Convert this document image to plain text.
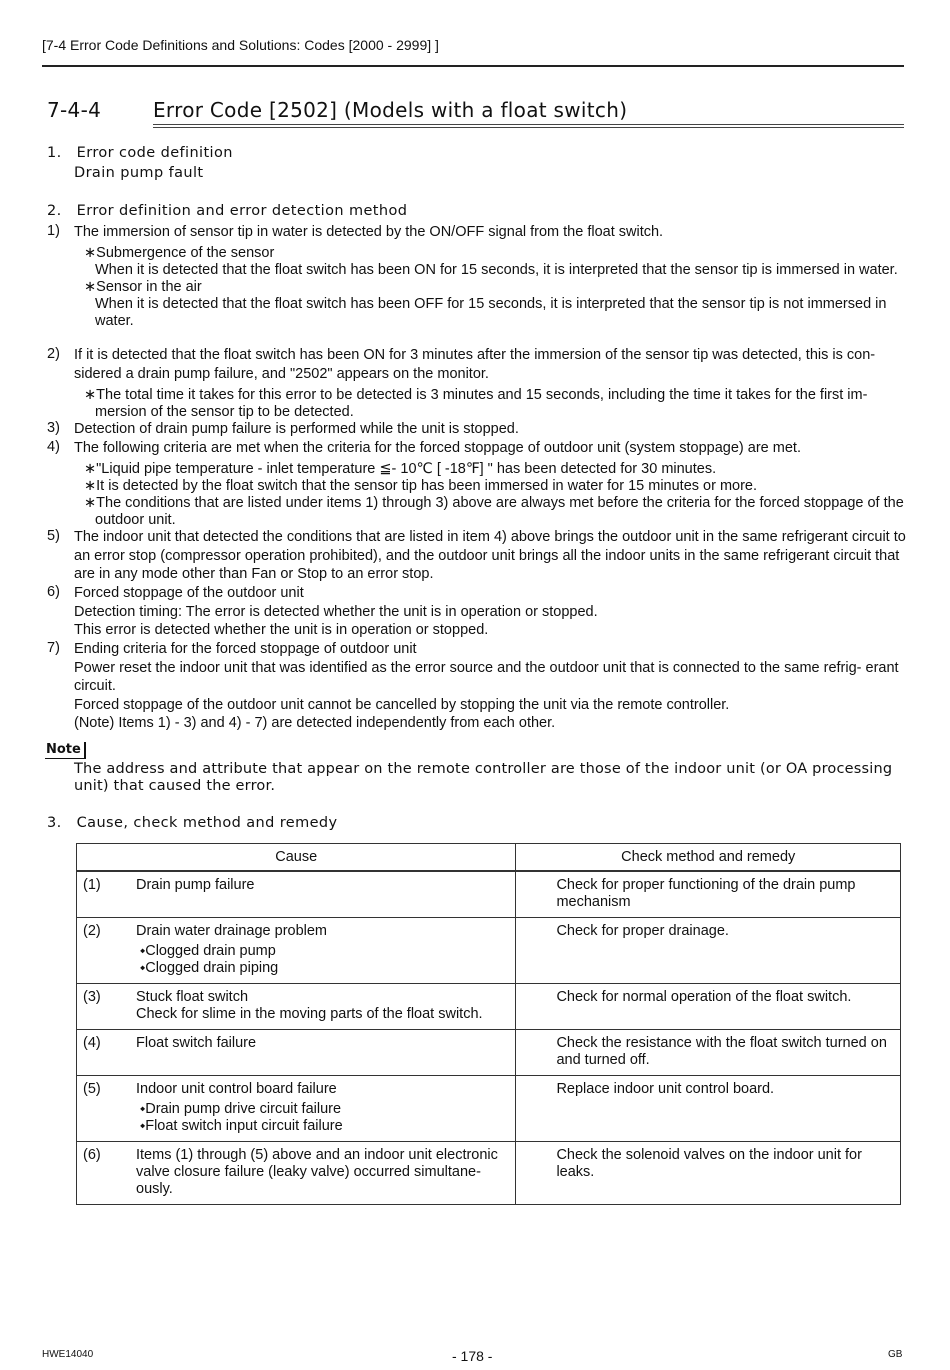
[7-4 Error Code Definitions and Solutions: Codes [2000 - 2999] ]
7-4-4	Error Code [2502] (Models with a float switch)
1.   Error code definition
Drain pump fault
2.   Error definition and error detection method
1) The immersion of sensor tip in water is detected by the ON/OFF signal from the float switch.
∗Submergence of the sensor
When it is detected that the float switch has been ON for 15 seconds, it is interpreted that the sensor tip is immersed in water.
∗Sensor in the air
When it is detected that the float switch has been OFF for 15 seconds, it is interpreted that the sensor tip is not immersed in water.
2) If it is detected that the float switch has been ON for 3 minutes after the immersion of the sensor tip was detected, this is con- sidered a drain pump failure, and "2502" appears on the monitor.
∗The total time it takes for this error to be detected is 3 minutes and 15 seconds, including the time it takes for the first im- mersion of the sensor tip to be detected.
3) Detection of drain pump failure is performed while the unit is stopped.
4) The following criteria are met when the criteria for the forced stoppage of outdoor unit (system stoppage) are met.
∗"Liquid pipe temperature - inlet temperature ≦- 10℃ [ -18℉] " has been detected for 30 minutes.
∗It is detected by the float switch that the sensor tip has been immersed in water for 15 minutes or more.
∗The conditions that are listed under items 1) through 3) above are always met before the criteria for the forced stoppage of the outdoor unit.
5) The indoor unit that detected the conditions that are listed in item 4) above brings the outdoor unit in the same refrigerant circuit to an error stop (compressor operation prohibited), and the outdoor unit brings all the indoor units in the same refrigerant circuit that are in any mode other than Fan or Stop to an error stop.
6) Forced stoppage of the outdoor unit
Detection timing: The error is detected whether the unit is in operation or stopped.
This error is detected whether the unit is in operation or stopped.
7) Ending criteria for the forced stoppage of outdoor unit
Power reset the indoor unit that was identified as the error source and the outdoor unit that is connected to the same refrig- erant circuit.
Forced stoppage of the outdoor unit cannot be cancelled by stopping the unit via the remote controller.
(Note) Items 1) - 3) and 4) - 7) are detected independently from each other.
Note
The address and attribute that appear on the remote controller are those of the indoor unit (or OA processing unit) that caused the error.
3.   Cause, check method and remedy
Cause	Check method and remedy

(1) Drain pump failure	Check for proper functioning of the drain pump mechanism

(2) Drain water drainage problem
⬩Clogged drain pump
⬩Clogged drain piping	Check for proper drainage.

(3) Stuck float switch
Check for slime in the moving parts of the float switch.	Check for normal operation of the float switch.

(4) Float switch failure	Check the resistance with the float switch turned on and turned off.

(5) Indoor unit control board failure
⬩Drain pump drive circuit failure
⬩Float switch input circuit failure	Replace indoor unit control board.

(6) Items (1) through (5) above and an indoor unit electronic valve closure failure (leaky valve) occurred simultane- ously.	Check the solenoid valves on the indoor unit for leaks.
HWE14040	- 178 -	GB
